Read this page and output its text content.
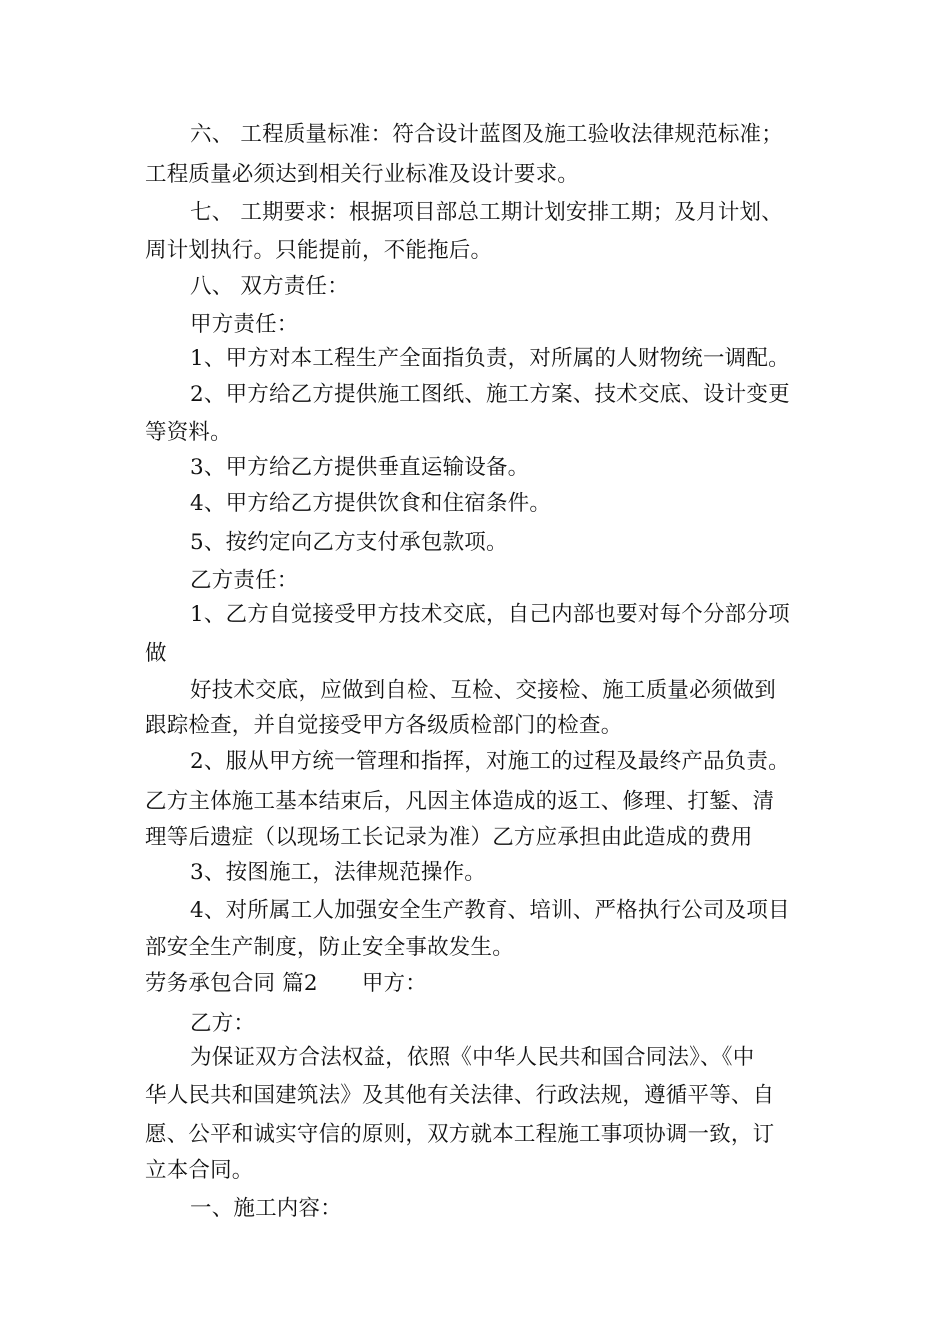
六、 工程质量标准：符合设计蓝图及施工验收法律规范标准；
工程质量必须达到相关行业标准及设计要求。
七、 工期要求：根据项目部总工期计划安排工期；及月计划、
周计划执行。只能提前，不能拖后。
八、 双方责任：
甲方责任：
1、甲方对本工程生产全面指负责，对所属的人财物统一调配。
2、甲方给乙方提供施工图纸、施工方案、技术交底、设计变更
等资料。
3、甲方给乙方提供垂直运输设备。
4、甲方给乙方提供饮食和住宿条件。
5、按约定向乙方支付承包款项。
乙方责任：
1、乙方自觉接受甲方技术交底，自己内部也要对每个分部分项
做
好技术交底，应做到自检、互检、交接检、施工质量必须做到
跟踪检查，并自觉接受甲方各级质检部门的检查。
2、服从甲方统一管理和指挥，对施工的过程及最终产品负责。
乙方主体施工基本结束后，凡因主体造成的返工、修理、打錾、清
理等后遗症（以现场工长记录为准）乙方应承担由此造成的费用
3、按图施工，法律规范操作。
4、对所属工人加强安全生产教育、培训、严格执行公司及项目
部安全生产制度，防止安全事故发生。
劳务承包合同 篇2 甲方：
乙方：
为保证双方合法权益，依照《中华人民共和国合同法》、《中
华人民共和国建筑法》及其他有关法律、行政法规，遵循平等、自
愿、公平和诚实守信的原则，双方就本工程施工事项协调一致，订
立本合同。
一、施工内容：
